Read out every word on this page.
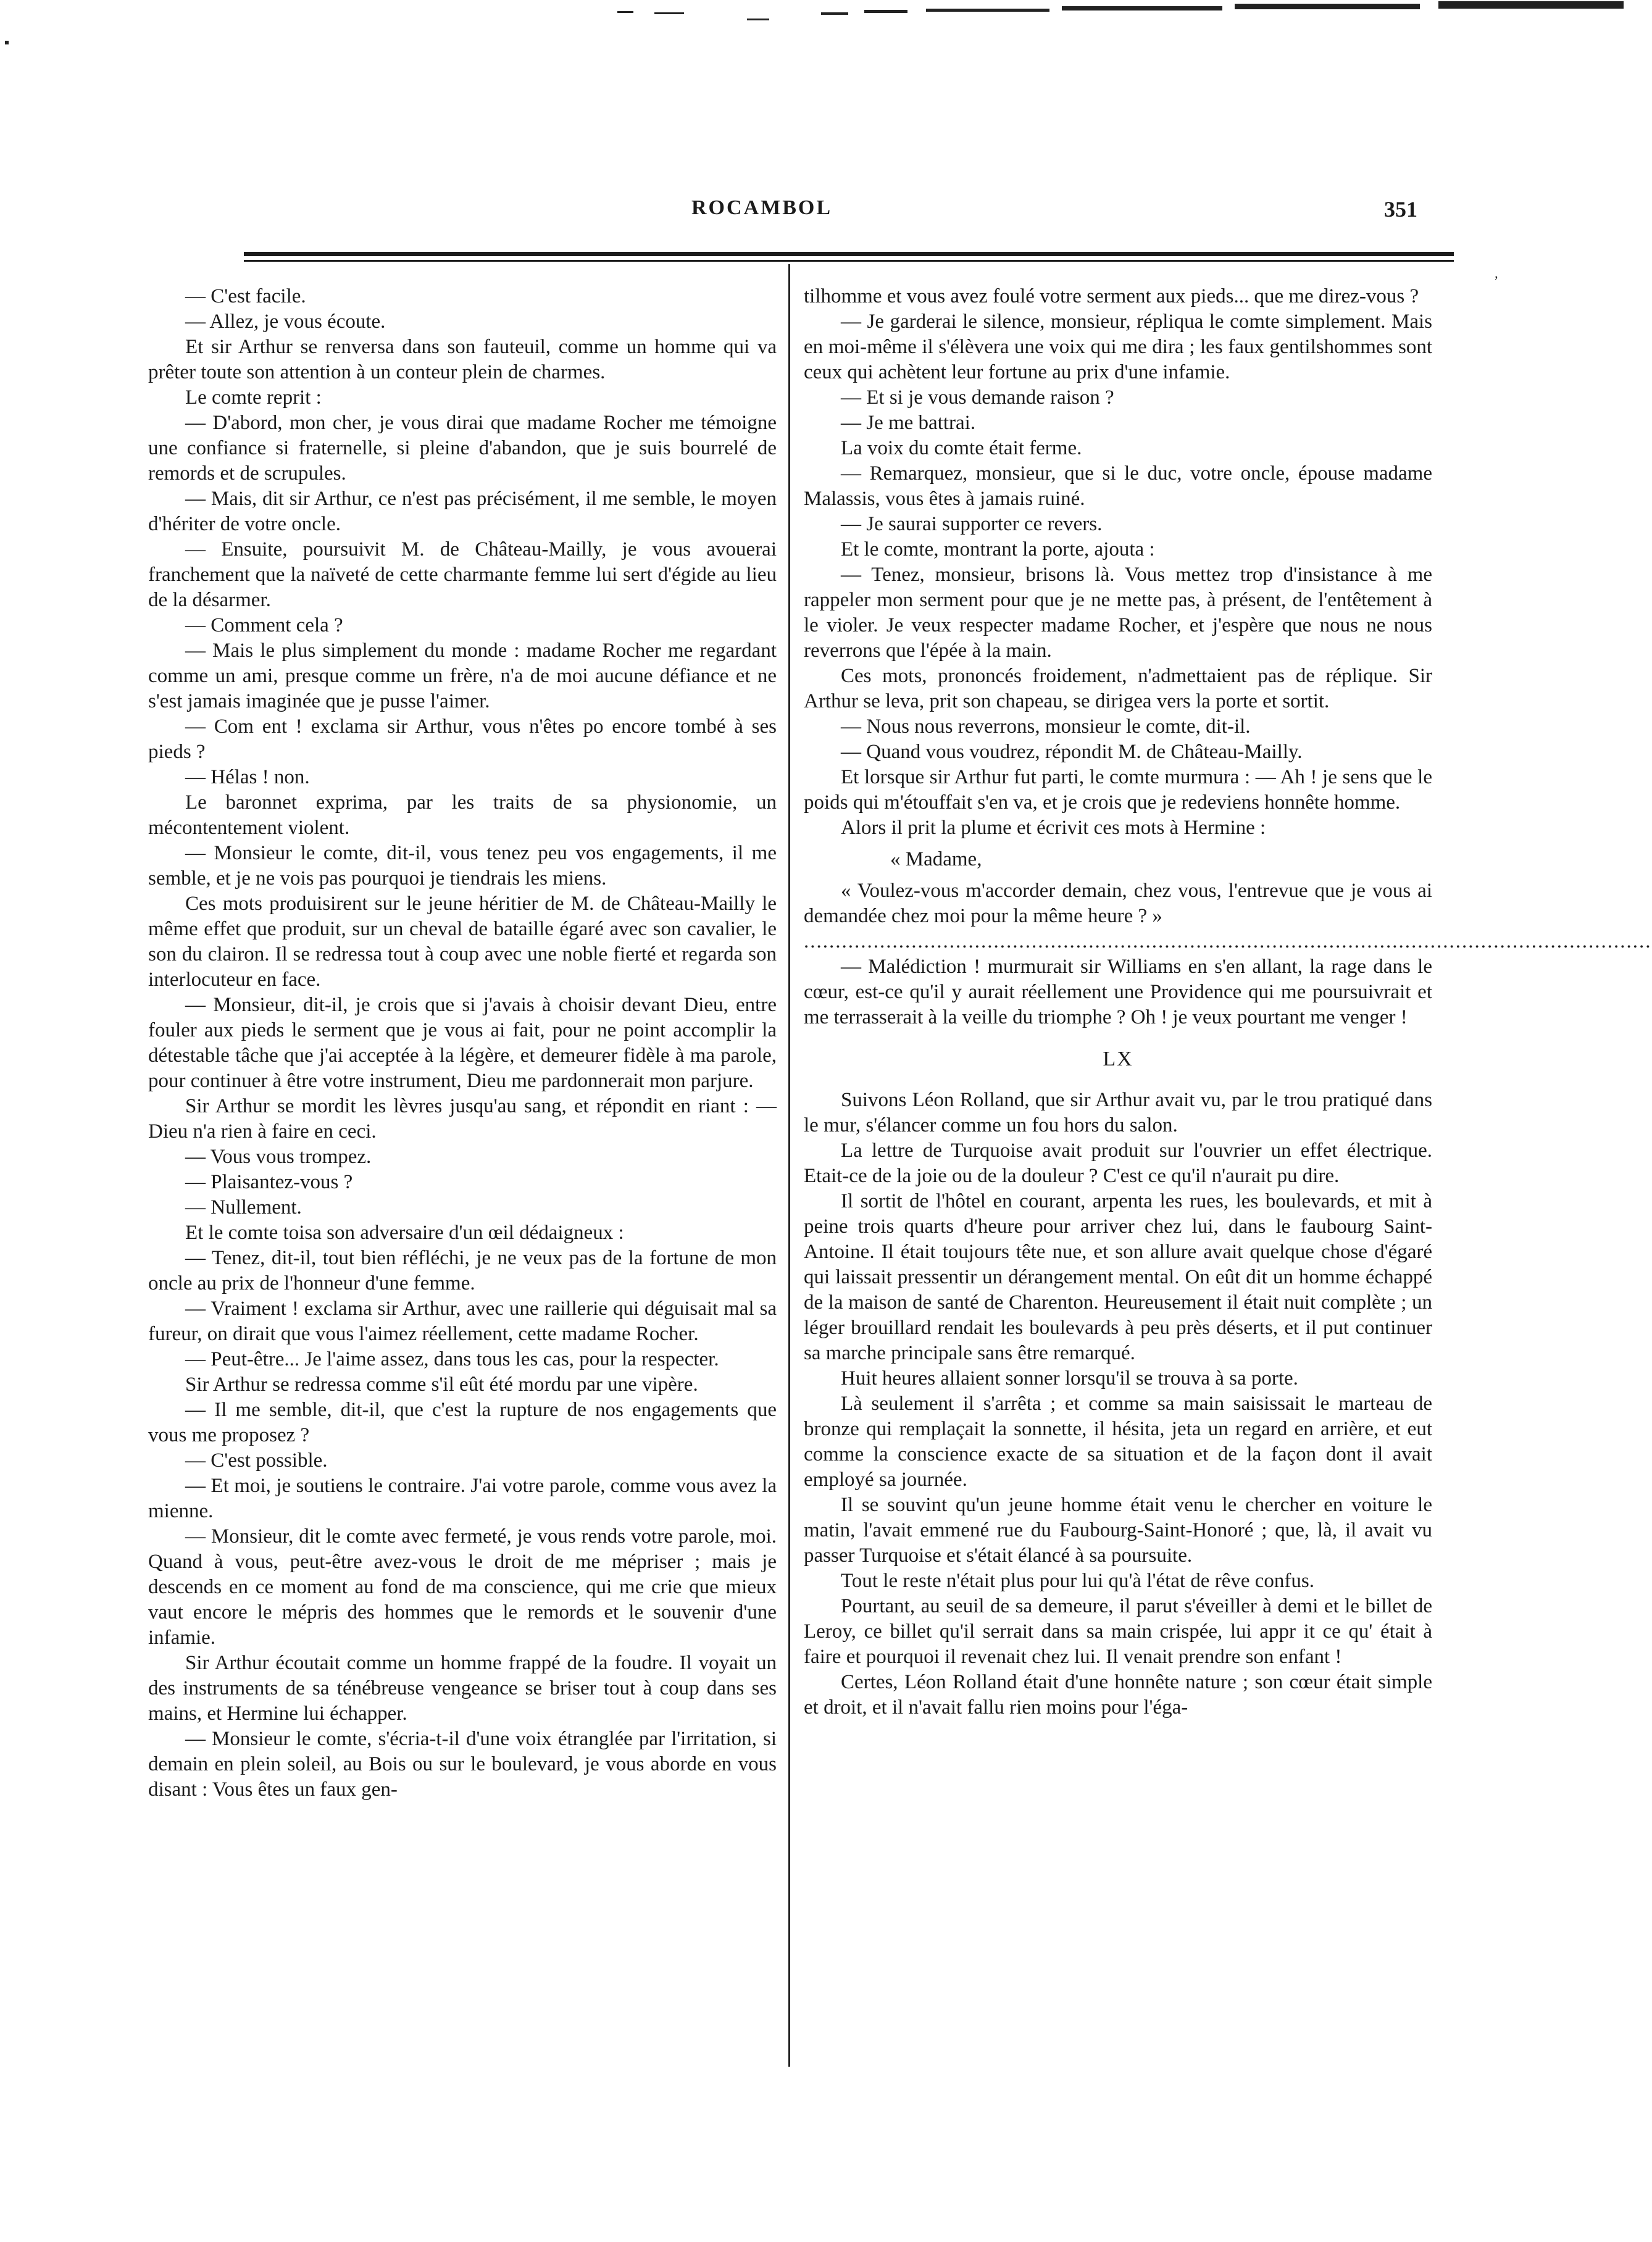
ROCAMBOL	351
‚

— C'est facile.

— Allez, je vous écoute.

Et sir Arthur se renversa dans son fauteuil, comme un homme qui va prêter toute son attention à un conteur plein de charmes.

Le comte reprit :

— D'abord, mon cher, je vous dirai que madame Rocher me témoigne une confiance si fraternelle, si pleine d'abandon, que je suis bourrelé de remords et de scrupules.

— Mais, dit sir Arthur, ce n'est pas précisément, il me semble, le moyen d'hériter de votre oncle.

— Ensuite, poursuivit M. de Château-Mailly, je vous avouerai franchement que la naïveté de cette charmante femme lui sert d'égide au lieu de la désarmer.

— Comment cela ?

— Mais le plus simplement du monde : madame Rocher me regardant comme un ami, presque comme un frère, n'a de moi aucune défiance et ne s'est jamais imaginée que je pusse l'aimer.

— Com ent ! exclama sir Arthur, vous n'êtes po encore tombé à ses pieds ?

— Hélas ! non.

Le baronnet exprima, par les traits de sa physionomie, un mécontentement violent.

— Monsieur le comte, dit-il, vous tenez peu vos engagements, il me semble, et je ne vois pas pourquoi je tiendrais les miens.

Ces mots produisirent sur le jeune héritier de M. de Château-Mailly le même effet que produit, sur un cheval de bataille égaré avec son cavalier, le son du clairon. Il se redressa tout à coup avec une noble fierté et regarda son interlocuteur en face.

— Monsieur, dit-il, je crois que si j'avais à choisir devant Dieu, entre fouler aux pieds le serment que je vous ai fait, pour ne point accomplir la détestable tâche que j'ai acceptée à la légère, et demeurer fidèle à ma parole, pour continuer à être votre instrument, Dieu me pardonnerait mon parjure.

Sir Arthur se mordit les lèvres jusqu'au sang, et répondit en riant : — Dieu n'a rien à faire en ceci.

— Vous vous trompez.

— Plaisantez-vous ?

— Nullement.

Et le comte toisa son adversaire d'un œil dédaigneux :

— Tenez, dit-il, tout bien réfléchi, je ne veux pas de la fortune de mon oncle au prix de l'honneur d'une femme.

— Vraiment ! exclama sir Arthur, avec une raillerie qui déguisait mal sa fureur, on dirait que vous l'aimez réellement, cette madame Rocher.

— Peut-être... Je l'aime assez, dans tous les cas, pour la respecter.

Sir Arthur se redressa comme s'il eût été mordu par une vipère.

— Il me semble, dit-il, que c'est la rupture de nos engagements que vous me proposez ?

— C'est possible.

— Et moi, je soutiens le contraire. J'ai votre parole, comme vous avez la mienne.

— Monsieur, dit le comte avec fermeté, je vous rends votre parole, moi. Quand à vous, peut-être avez-vous le droit de me mépriser ; mais je descends en ce moment au fond de ma conscience, qui me crie que mieux vaut encore le mépris des hommes que le remords et le souvenir d'une infamie.

Sir Arthur écoutait comme un homme frappé de la foudre. Il voyait un des instruments de sa ténébreuse vengeance se briser tout à coup dans ses mains, et Hermine lui échapper.

— Monsieur le comte, s'écria-t-il d'une voix étranglée par l'irritation, si demain en plein soleil, au Bois ou sur le boulevard, je vous aborde en vous disant : Vous êtes un faux gen-

tilhomme et vous avez foulé votre serment aux pieds... que me direz-vous ?

— Je garderai le silence, monsieur, répliqua le comte simplement. Mais en moi-même il s'élèvera une voix qui me dira ; les faux gentilshommes sont ceux qui achètent leur fortune au prix d'une infamie.

— Et si je vous demande raison ?

— Je me battrai.

La voix du comte était ferme.

— Remarquez, monsieur, que si le duc, votre oncle, épouse madame Malassis, vous êtes à jamais ruiné.

— Je saurai supporter ce revers.

Et le comte, montrant la porte, ajouta :

— Tenez, monsieur, brisons là. Vous mettez trop d'insistance à me rappeler mon serment pour que je ne mette pas, à présent, de l'entêtement à le violer. Je veux respecter madame Rocher, et j'espère que nous ne nous reverrons que l'épée à la main.

Ces mots, prononcés froidement, n'admettaient pas de réplique. Sir Arthur se leva, prit son chapeau, se dirigea vers la porte et sortit.

— Nous nous reverrons, monsieur le comte, dit-il.

— Quand vous voudrez, répondit M. de Château-Mailly.

Et lorsque sir Arthur fut parti, le comte murmura : — Ah ! je sens que le poids qui m'étouffait s'en va, et je crois que je redeviens honnête homme.

Alors il prit la plume et écrivit ces mots à Hermine :

« Madame,

« Voulez-vous m'accorder demain, chez vous, l'entrevue que je vous ai demandée chez moi pour la même heure ? »

......................................................................................................................................

— Malédiction ! murmurait sir Williams en s'en allant, la rage dans le cœur, est-ce qu'il y aurait réellement une Providence qui me poursuivrait et me terrasserait à la veille du triomphe ? Oh ! je veux pourtant me venger !

LX

Suivons Léon Rolland, que sir Arthur avait vu, par le trou pratiqué dans le mur, s'élancer comme un fou hors du salon.

La lettre de Turquoise avait produit sur l'ouvrier un effet électrique. Etait-ce de la joie ou de la douleur ? C'est ce qu'il n'aurait pu dire.

Il sortit de l'hôtel en courant, arpenta les rues, les boulevards, et mit à peine trois quarts d'heure pour arriver chez lui, dans le faubourg Saint-Antoine. Il était toujours tête nue, et son allure avait quelque chose d'égaré qui laissait pressentir un dérangement mental. On eût dit un homme échappé de la maison de santé de Charenton. Heureusement il était nuit complète ; un léger brouillard rendait les boulevards à peu près déserts, et il put continuer sa marche principale sans être remarqué.

Huit heures allaient sonner lorsqu'il se trouva à sa porte.

Là seulement il s'arrêta ; et comme sa main saisissait le marteau de bronze qui remplaçait la sonnette, il hésita, jeta un regard en arrière, et eut comme la conscience exacte de sa situation et de la façon dont il avait employé sa journée.

Il se souvint qu'un jeune homme était venu le chercher en voiture le matin, l'avait emmené rue du Faubourg-Saint-Honoré ; que, là, il avait vu passer Turquoise et s'était élancé à sa poursuite.

Tout le reste n'était plus pour lui qu'à l'état de rêve confus.

Pourtant, au seuil de sa demeure, il parut s'éveiller à demi et le billet de Leroy, ce billet qu'il serrait dans sa main crispée, lui appr it ce qu' était à faire et pourquoi il revenait chez lui. Il venait prendre son enfant !

Certes, Léon Rolland était d'une honnête nature ; son cœur était simple et droit, et il n'avait fallu rien moins pour l'éga-
